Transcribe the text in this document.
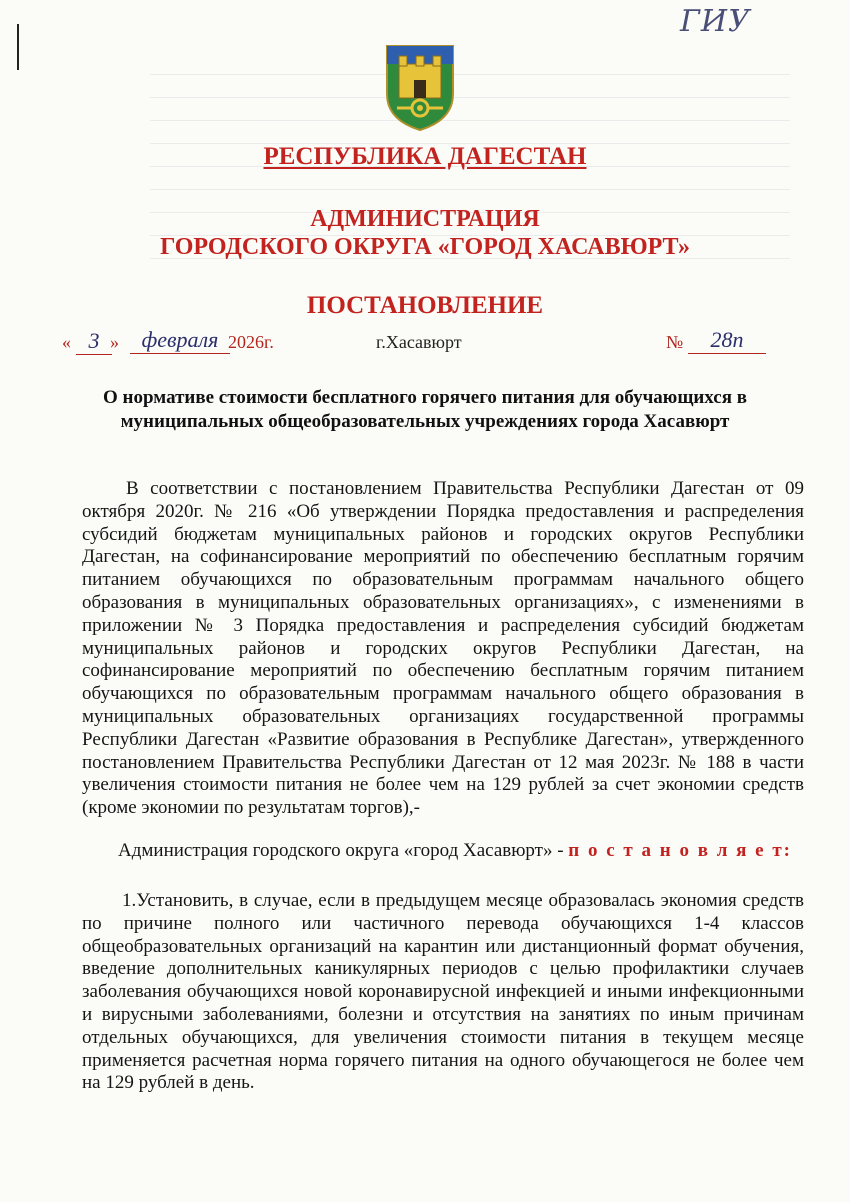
ГИУ
РЕСПУБЛИКА ДАГЕСТАН
АДМИНИСТРАЦИЯ
ГОРОДСКОГО ОКРУГА «ГОРОД ХАСАВЮРТ»
ПОСТАНОВЛЕНИЕ
« 3 »	февраля 2026г.	г.Хасавюрт	№	28п
О нормативе стоимости бесплатного горячего питания для обучающихся в муниципальных общеобразовательных учреждениях города Хасавюрт
В соответствии с постановлением Правительства Республики Дагестан от 09 октября 2020г. № 216 «Об утверждении Порядка предоставления и распределения субсидий бюджетам муниципальных районов и городских округов Республики Дагестан, на софинансирование мероприятий по обеспечению бесплатным горячим питанием обучающихся по образовательным программам начального общего образования в муниципальных образовательных организациях», с изменениями в приложении № 3 Порядка предоставления и распределения субсидий бюджетам муниципальных районов и городских округов Республики Дагестан, на софинансирование мероприятий по обеспечению бесплатным горячим питанием обучающихся по образовательным программам начального общего образования в муниципальных образовательных организациях государственной программы Республики Дагестан «Развитие образования в Республике Дагестан», утвержденного постановлением Правительства Республики Дагестан от 12 мая 2023г. № 188 в части увеличения стоимости питания не более чем на 129 рублей за счет экономии средств (кроме экономии по результатам торгов),-
Администрация городского округа «город Хасавюрт» - п о с т а н о в л я е т:
1.Установить, в случае, если в предыдущем месяце образовалась экономия средств по причине полного или частичного перевода обучающихся 1-4 классов общеобразовательных организаций на карантин или дистанционный формат обучения, введение дополнительных каникулярных периодов с целью профилактики случаев заболевания обучающихся новой коронавирусной инфекцией и иными инфекционными и вирусными заболеваниями, болезни и отсутствия на занятиях по иным причинам отдельных обучающихся, для увеличения стоимости питания в текущем месяце применяется расчетная норма горячего питания на одного обучающегося не более чем на 129 рублей в день.
